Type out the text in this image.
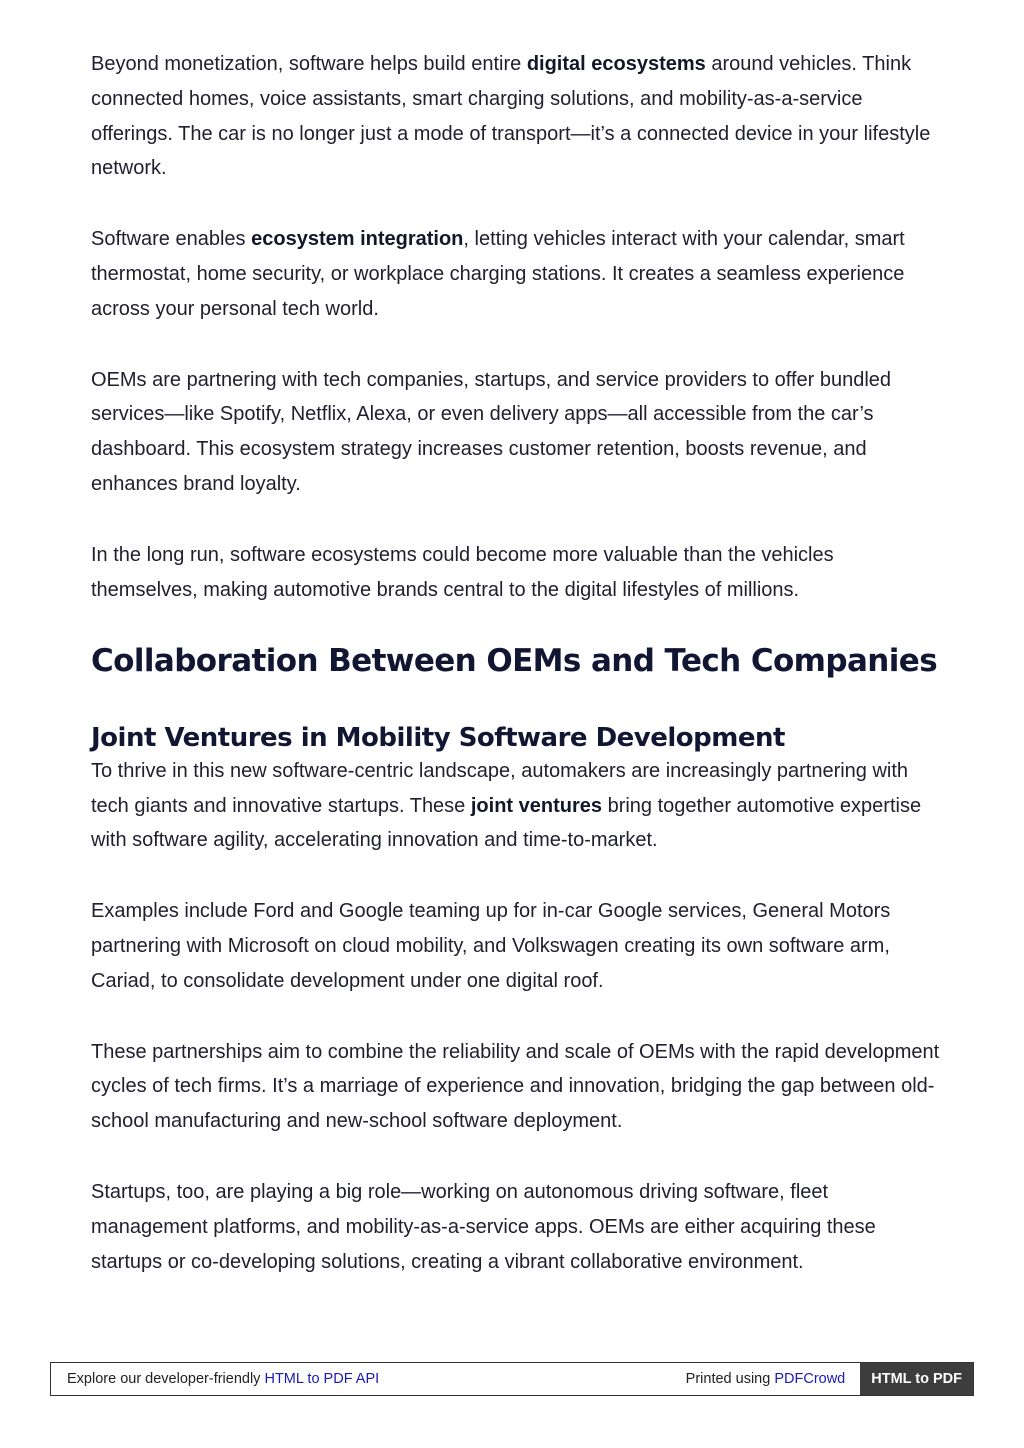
Beyond monetization, software helps build entire digital ecosystems around vehicles. Think connected homes, voice assistants, smart charging solutions, and mobility-as-a-service offerings. The car is no longer just a mode of transport—it’s a connected device in your lifestyle network.

Software enables ecosystem integration, letting vehicles interact with your calendar, smart thermostat, home security, or workplace charging stations. It creates a seamless experience across your personal tech world.

OEMs are partnering with tech companies, startups, and service providers to offer bundled services—like Spotify, Netflix, Alexa, or even delivery apps—all accessible from the car’s dashboard. This ecosystem strategy increases customer retention, boosts revenue, and enhances brand loyalty.

In the long run, software ecosystems could become more valuable than the vehicles themselves, making automotive brands central to the digital lifestyles of millions.

Collaboration Between OEMs and Tech Companies
Joint Ventures in Mobility Software Development

To thrive in this new software-centric landscape, automakers are increasingly partnering with tech giants and innovative startups. These joint ventures bring together automotive expertise with software agility, accelerating innovation and time-to-market.

Examples include Ford and Google teaming up for in-car Google services, General Motors partnering with Microsoft on cloud mobility, and Volkswagen creating its own software arm, Cariad, to consolidate development under one digital roof.

These partnerships aim to combine the reliability and scale of OEMs with the rapid development cycles of tech firms. It’s a marriage of experience and innovation, bridging the gap between old-school manufacturing and new-school software deployment.

Startups, too, are playing a big role—working on autonomous driving software, fleet management platforms, and mobility-as-a-service apps. OEMs are either acquiring these startups or co-developing solutions, creating a vibrant collaborative environment.

Explore our developer-friendly HTML to PDF API	Printed using PDFCrowd	HTML to PDF
